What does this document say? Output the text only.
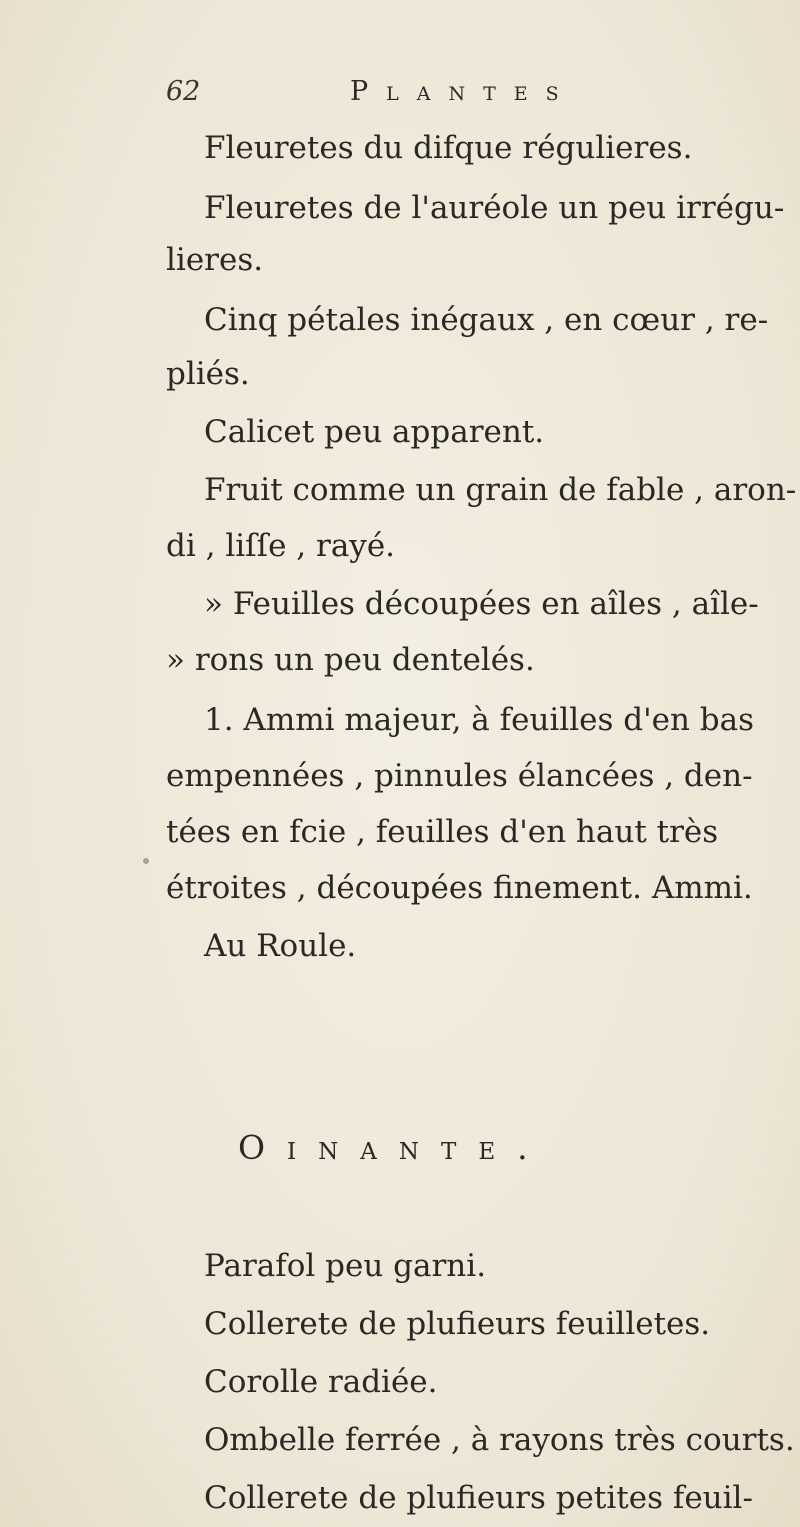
62	Plantes
Fleuretes du difque régulieres.
Fleuretes de l'auréole un peu irrégu-
lieres.
Cinq pétales inégaux , en cœur , re-
pliés.
Calicet peu apparent.
Fruit comme un grain de fable , aron-
di , liſſe , rayé.
» Feuilles découpées en aîles , aîle-
» rons un peu dentelés.
1. Ammi majeur, à feuilles d'en bas
empennées , pinnules élancées , den-
tées en fcie , feuilles d'en haut très
étroites , découpées finement. Ammi.
Au Roule.
Oinante.
Parafol peu garni.
Collerete de plufieurs feuilletes.
Corolle radiée.
Ombelle ferrée , à rayons très courts.
Collerete de plufieurs petites feuil-
